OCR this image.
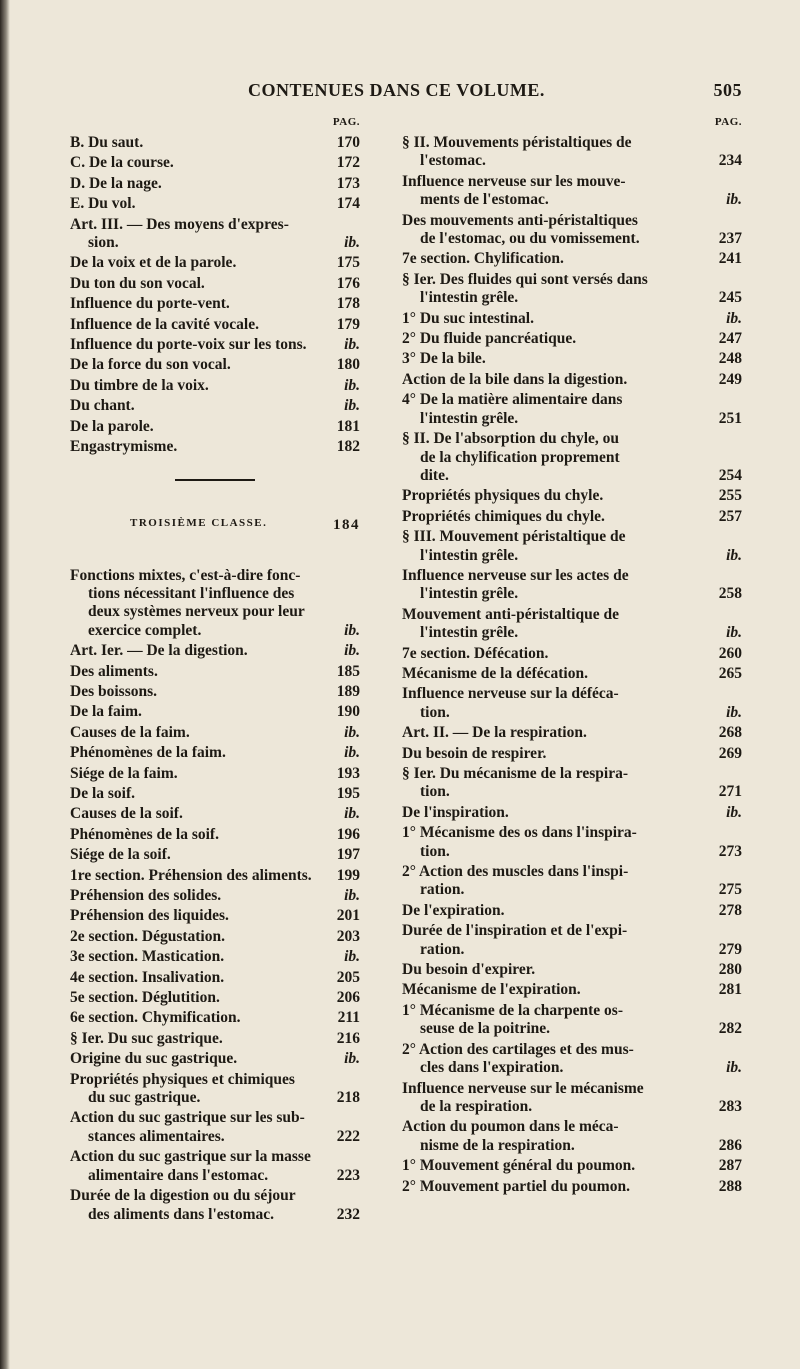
CONTENUES DANS CE VOLUME.	505
PAG.
B. Du saut.	170
C. De la course.	172
D. De la nage.	173
E. Du vol.	174
Art. III. — Des moyens d'expres-
sion.	ib.
De la voix et de la parole.	175
Du ton du son vocal.	176
Influence du porte-vent.	178
Influence de la cavité vocale.	179
Influence du porte-voix sur les tons.	ib.
De la force du son vocal.	180
Du timbre de la voix.	ib.
Du chant.	ib.
De la parole.	181
Engastrymisme.	182
TROISIÈME CLASSE.	184
Fonctions mixtes, c'est-à-dire fonc-
tions nécessitant l'influence des
deux systèmes nerveux pour leur
exercice complet.	ib.
Art. Ier. — De la digestion.	ib.
Des aliments.	185
Des boissons.	189
De la faim.	190
Causes de la faim.	ib.
Phénomènes de la faim.	ib.
Siége de la faim.	193
De la soif.	195
Causes de la soif.	ib.
Phénomènes de la soif.	196
Siége de la soif.	197
1re section. Préhension des aliments.	199
Préhension des solides.	ib.
Préhension des liquides.	201
2e section. Dégustation.	203
3e section. Mastication.	ib.
4e section. Insalivation.	205
5e section. Déglutition.	206
6e section. Chymification.	211
§ Ier. Du suc gastrique.	216
Origine du suc gastrique.	ib.
Propriétés physiques et chimiques
du suc gastrique.	218
Action du suc gastrique sur les sub-
stances alimentaires.	222
Action du suc gastrique sur la masse
alimentaire dans l'estomac.	223
Durée de la digestion ou du séjour
des aliments dans l'estomac.	232
PAG.
§ II. Mouvements péristaltiques de
l'estomac.	234
Influence nerveuse sur les mouve-
ments de l'estomac.	ib.
Des mouvements anti-péristaltiques
de l'estomac, ou du vomissement.	237
7e section. Chylification.	241
§ Ier. Des fluides qui sont versés dans
l'intestin grêle.	245
1° Du suc intestinal.	ib.
2° Du fluide pancréatique.	247
3° De la bile.	248
Action de la bile dans la digestion.	249
4° De la matière alimentaire dans
l'intestin grêle.	251
§ II. De l'absorption du chyle, ou
de la chylification proprement
dite.	254
Propriétés physiques du chyle.	255
Propriétés chimiques du chyle.	257
§ III. Mouvement péristaltique de
l'intestin grêle.	ib.
Influence nerveuse sur les actes de
l'intestin grêle.	258
Mouvement anti-péristaltique de
l'intestin grêle.	ib.
7e section. Défécation.	260
Mécanisme de la défécation.	265
Influence nerveuse sur la déféca-
tion.	ib.
Art. II. — De la respiration.	268
Du besoin de respirer.	269
§ Ier. Du mécanisme de la respira-
tion.	271
De l'inspiration.	ib.
1° Mécanisme des os dans l'inspira-
tion.	273
2° Action des muscles dans l'inspi-
ration.	275
De l'expiration.	278
Durée de l'inspiration et de l'expi-
ration.	279
Du besoin d'expirer.	280
Mécanisme de l'expiration.	281
1° Mécanisme de la charpente os-
seuse de la poitrine.	282
2° Action des cartilages et des mus-
cles dans l'expiration.	ib.
Influence nerveuse sur le mécanisme
de la respiration.	283
Action du poumon dans le méca-
nisme de la respiration.	286
1° Mouvement général du poumon.	287
2° Mouvement partiel du poumon.	288
